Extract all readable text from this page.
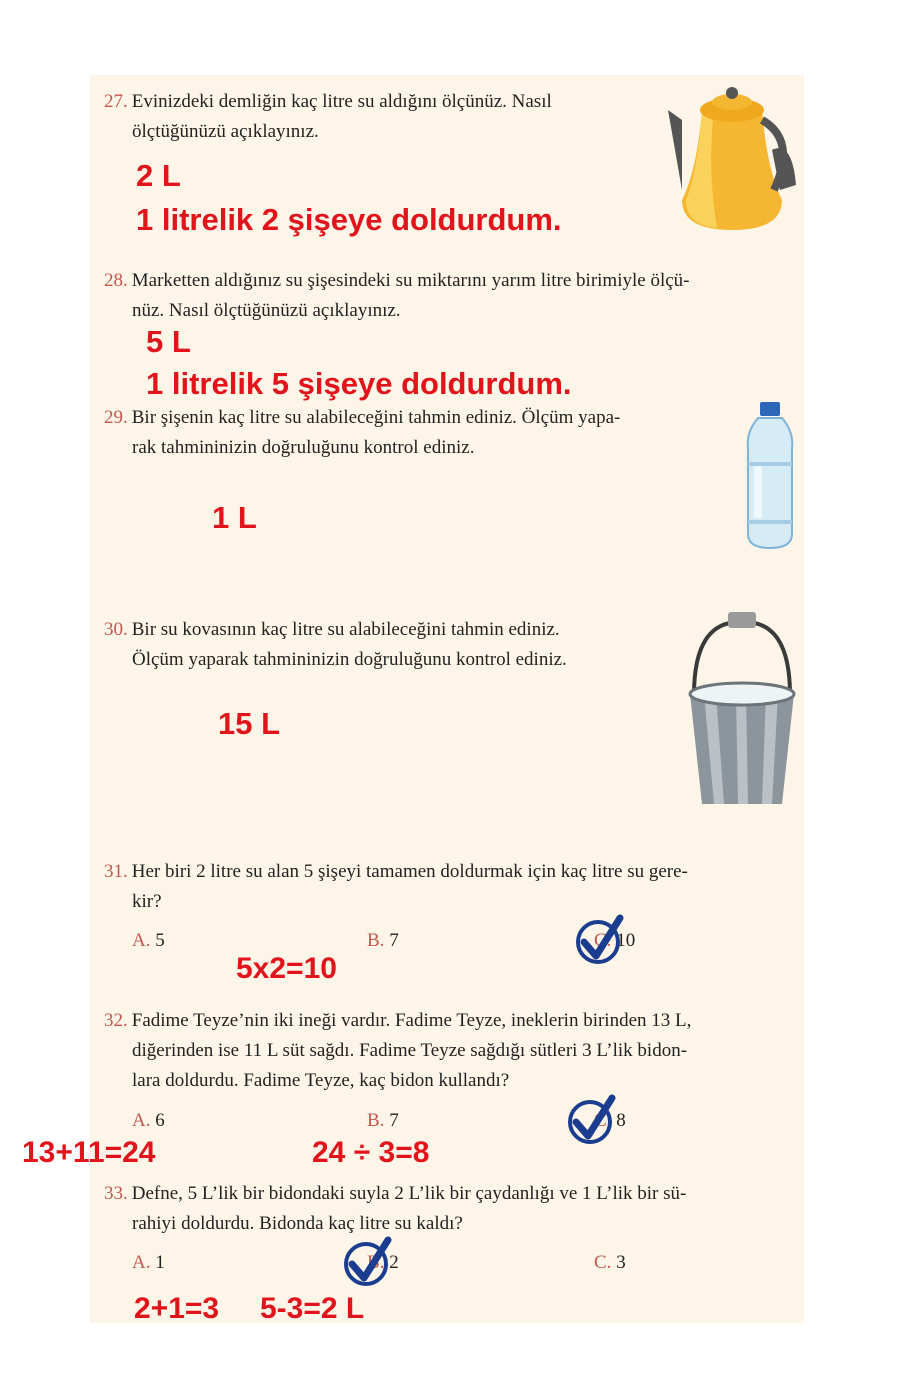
27. Evinizdeki demliğin kaç litre su aldığını ölçünüz. Nasıl
ölçtüğünüzü açıklayınız.
2 L
1 litrelik 2 şişeye doldurdum.
28. Marketten aldığınız su şişesindeki su miktarını yarım litre birimiyle ölçü-
nüz. Nasıl ölçtüğünüzü açıklayınız.
5 L
1 litrelik 5 şişeye doldurdum.
29. Bir şişenin kaç litre su alabileceğini tahmin ediniz. Ölçüm yapa-
rak tahmininizin doğruluğunu kontrol ediniz.
1 L
30. Bir su kovasının kaç litre su alabileceğini tahmin ediniz.
Ölçüm yaparak tahmininizin doğruluğunu kontrol ediniz.
15 L
31. Her biri 2 litre su alan 5 şişeyi tamamen doldurmak için kaç litre su gere-
kir?
A. 5	B. 7	C. 10
5x2=10
32. Fadime Teyze’nin iki ineği vardır. Fadime Teyze, ineklerin birinden 13 L,
diğerinden ise 11 L süt sağdı. Fadime Teyze sağdığı sütleri 3 L’lik bidon-
lara doldurdu. Fadime Teyze, kaç bidon kullandı?
A. 6	B. 7	C. 8
13+11=24	24 ÷ 3=8
33. Defne, 5 L’lik bir bidondaki suyla 2 L’lik bir çaydanlığı ve 1 L’lik bir sü-
rahiyi doldurdu. Bidonda kaç litre su kaldı?
A. 1	B. 2	C. 3
2+1=3 5-3=2 L
